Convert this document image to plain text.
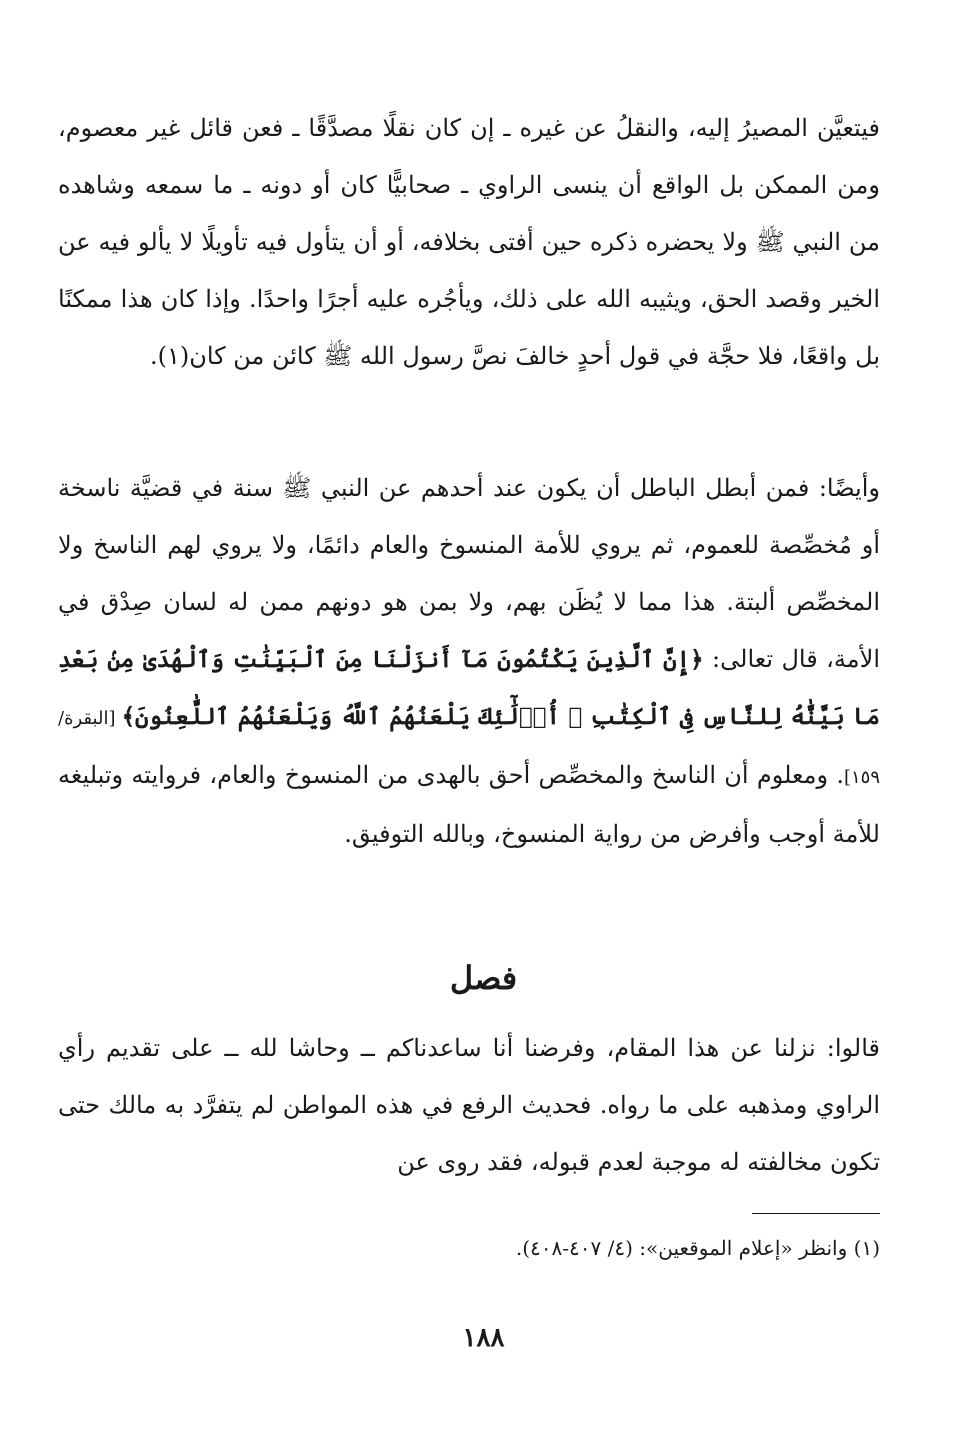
فيتعيَّن المصيرُ إليه، والنقلُ عن غيره ـ إن كان نقلًا مصدَّقًا ـ فعن قائل غير معصوم، ومن الممكن بل الواقع أن ينسى الراوي ـ صحابيًّا كان أو دونه ـ ما سمعه وشاهده من النبي ﷺ ولا يحضره ذكره حين أفتى بخلافه، أو أن يتأول فيه تأويلًا لا يألو فيه عن الخير وقصد الحق، ويثيبه الله على ذلك، ويأجُره عليه أجرًا واحدًا. وإذا كان هذا ممكنًا بل واقعًا، فلا حجَّة في قول أحدٍ خالفَ نصَّ رسول الله ﷺ كائن من كان(١).

وأيضًا: فمن أبطل الباطل أن يكون عند أحدهم عن النبي ﷺ سنة في قضيَّة ناسخة أو مُخصِّصة للعموم، ثم يروي للأمة المنسوخ والعام دائمًا، ولا يروي لهم الناسخ ولا المخصِّص ألبتة. هذا مما لا يُظَن بهم، ولا بمن هو دونهم ممن له لسان صِدْق في الأمة، قال تعالى: ﴿إِنَّ ٱلَّذِينَ يَكْتُمُونَ مَآ أَنزَلْنَا مِنَ ٱلْبَيِّنَٰتِ وَٱلْهُدَىٰ مِنۢ بَعْدِ مَا بَيَّنَّٰهُ لِلنَّاسِ فِى ٱلْكِتَٰبِ ۙ أُو۟لَٰٓئِكَ يَلْعَنُهُمُ ٱللَّهُ وَيَلْعَنُهُمُ ٱللَّٰعِنُونَ﴾ [البقرة/ ١٥٩]. ومعلوم أن الناسخ والمخصِّص أحق بالهدى من المنسوخ والعام، فروايته وتبليغه للأمة أوجب وأفرض من رواية المنسوخ، وبالله التوفيق.

فصل

قالوا: نزلنا عن هذا المقام، وفرضنا أنا ساعدناكم ــ وحاشا لله ــ على تقديم رأي الراوي ومذهبه على ما رواه. فحديث الرفع في هذه المواطن لم يتفرَّد به مالك حتى تكون مخالفته له موجبة لعدم قبوله، فقد روى عن

(١) وانظر «إعلام الموقعين»: (٤/ ٤٠٧-٤٠٨).

١٨٨
